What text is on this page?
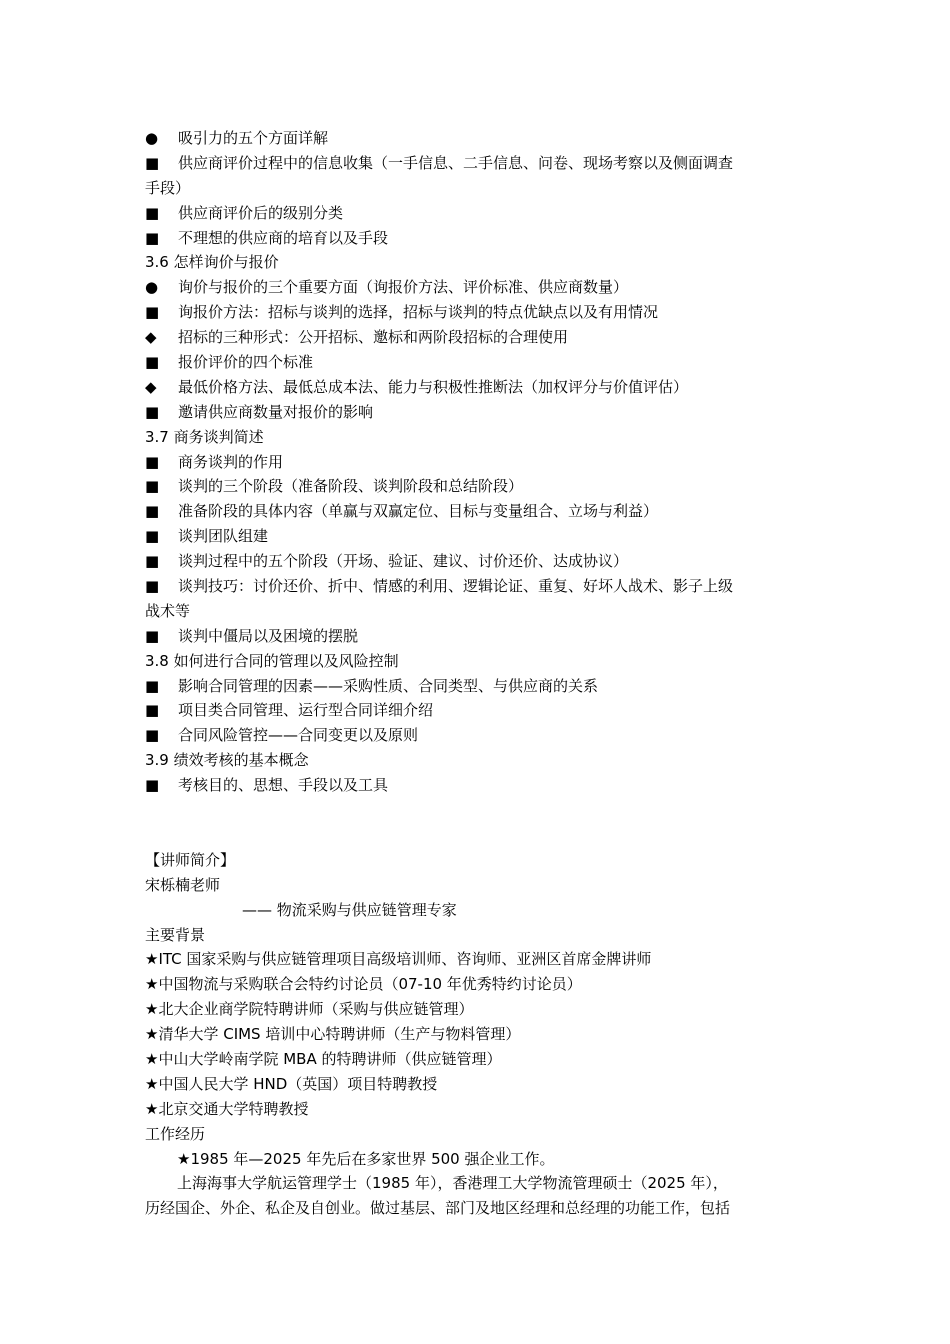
● 吸引力的五个方面详解
■ 供应商评价过程中的信息收集（一手信息、二手信息、问卷、现场考察以及侧面调查
手段）
■ 供应商评价后的级别分类
■ 不理想的供应商的培育以及手段
3.6 怎样询价与报价
● 询价与报价的三个重要方面（询报价方法、评价标准、供应商数量）
■ 询报价方法：招标与谈判的选择，招标与谈判的特点优缺点以及有用情况
◆ 招标的三种形式：公开招标、邀标和两阶段招标的合理使用
■ 报价评价的四个标准
◆ 最低价格方法、最低总成本法、能力与积极性推断法（加权评分与价值评估）
■ 邀请供应商数量对报价的影响
3.7 商务谈判简述
■ 商务谈判的作用
■ 谈判的三个阶段（准备阶段、谈判阶段和总结阶段）
■ 准备阶段的具体内容（单赢与双赢定位、目标与变量组合、立场与利益）
■ 谈判团队组建
■ 谈判过程中的五个阶段（开场、验证、建议、讨价还价、达成协议）
■ 谈判技巧：讨价还价、折中、情感的利用、逻辑论证、重复、好坏人战术、影子上级
战术等
■ 谈判中僵局以及困境的摆脱
3.8 如何进行合同的管理以及风险控制
■ 影响合同管理的因素——采购性质、合同类型、与供应商的关系
■ 项目类合同管理、运行型合同详细介绍
■ 合同风险管控——合同变更以及原则
3.9 绩效考核的基本概念
■ 考核目的、思想、手段以及工具
【讲师简介】
宋栎楠老师
—— 物流采购与供应链管理专家
主要背景
★ITC 国家采购与供应链管理项目高级培训师、咨询师、亚洲区首席金牌讲师
★中国物流与采购联合会特约讨论员（07-10 年优秀特约讨论员）
★北大企业商学院特聘讲师（采购与供应链管理）
★清华大学 CIMS 培训中心特聘讲师（生产与物料管理）
★中山大学岭南学院 MBA 的特聘讲师（供应链管理）
★中国人民大学 HND（英国）项目特聘教授
★北京交通大学特聘教授
工作经历
★1985 年—2025 年先后在多家世界 500 强企业工作。
上海海事大学航运管理学士（1985 年），香港理工大学物流管理硕士（2025 年），
历经国企、外企、私企及自创业。做过基层、部门及地区经理和总经理的功能工作，包括
